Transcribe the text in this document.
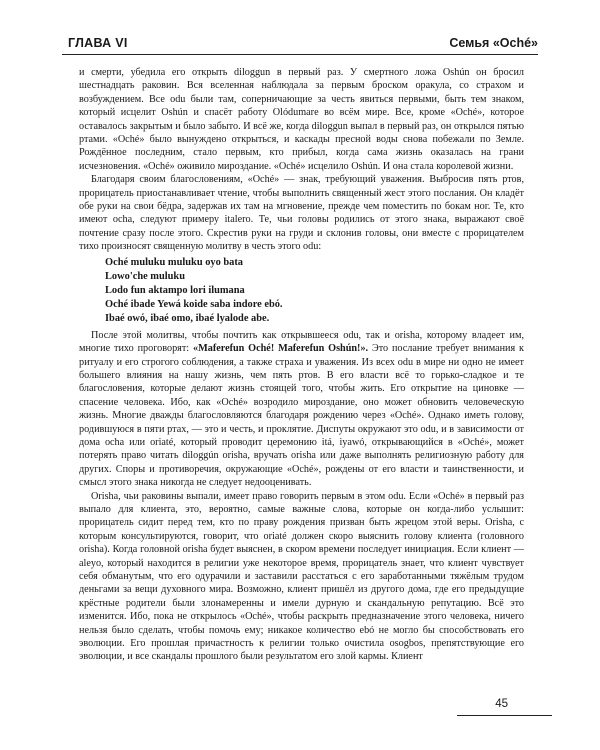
ГЛАВА VI	Семья «Oché»

и смерти, убедила его открыть diloggun в первый раз. У смертного ложа Oshún он бросил шестнадцать раковин. Вся вселенная наблюдала за первым броском оракула, со страхом и возбуждением. Все odu были там, соперничающие за честь явиться первыми, быть тем знаком, который исцелит Oshún и спасёт работу Olódumare во всём мире. Все, кроме «Oché», которое оставалось закрытым и было забыто. И всё же, когда diloggun выпал в первый раз, он открылся пятью ртами. «Oché» было вынуждено открыться, и каскады пресной воды снова побежали по Земле. Рождённое последним, стало первым, кто прибыл, когда сама жизнь оказалась на грани исчезновения. «Oché» оживило мироздание. «Oché» исцелило Oshún. И она стала королевой жизни.

Благодаря своим благословениям, «Oché» — знак, требующий уважения. Выбросив пять ртов, прорицатель приостанавливает чтение, чтобы выполнить священный жест этого послания. Он кладёт обе руки на свои бёдра, задержав их там на мгновение, прежде чем поместить по бокам ног. Те, кто имеют ocha, следуют примеру italero. Те, чьи головы родились от этого знака, выражают своё почтение сразу после этого. Скрестив руки на груди и склонив головы, они вместе с прорицателем тихо произносят священную молитву в честь этого odu:

Oché muluku muluku oyo bata
Lowo'che muluku
Lodo fun aktampo lori ilumana
Oché ibade Yewá koide saba indore ebó.
Ibaé owó, ibaé omo, ibaé lyalode abe.

После этой молитвы, чтобы почтить как открывшееся odu, так и orisha, которому владеет им, многие тихо проговорят: «Maferefun Oché! Maferefun Oshún!». Это послание требует внимания к ритуалу и его строгого соблюдения, а также страха и уважения. Из всех odu в мире ни одно не имеет большего влияния на нашу жизнь, чем пять ртов. В его власти всё то горько-сладкое и те благословения, которые делают жизнь стоящей того, чтобы жить. Его открытие на циновке — спасение человека. Ибо, как «Oché» возродило мироздание, оно может обновить человеческую жизнь. Многие дважды благословляются благодаря рождению через «Oché». Однако иметь голову, родившуюся в пяти ртах, — это и честь, и проклятие. Диспуты окружают это odu, и в зависимости от дома ocha или oriaté, который проводит церемонию itá, iyawó, открывающийся в «Oché», может потерять право читать diloggún orisha, вручать orisha или даже выполнять религиозную работу для других. Споры и противоречия, окружающие «Oché», рождены от его власти и таинственности, и смысл этого знака никогда не следует недооценивать.

Orisha, чьи раковины выпали, имеет право говорить первым в этом odu. Если «Oché» в первый раз выпало для клиента, это, вероятно, самые важные слова, которые он когда-либо услышит: прорицатель сидит перед тем, кто по праву рождения призван быть жрецом этой веры. Orisha, с которым консультируются, говорит, что oriaté должен скоро выяснить голову клиента (головного orisha). Когда головной orisha будет выяснен, в скором времени последует инициация. Если клиент — aleyo, который находится в религии уже некоторое время, прорицатель знает, что клиент чувствует себя обманутым, что его одурачили и заставили расстаться с его заработанными тяжёлым трудом деньгами за вещи духовного мира. Возможно, клиент пришёл из другого дома, где его предыдущие крёстные родители были злонамеренны и имели дурную и скандальную репутацию. Всё это изменится. Ибо, пока не открылось «Oché», чтобы раскрыть предназначение этого человека, ничего нельзя было сделать, чтобы помочь ему; никакое количество ebó не могло бы способствовать его эволюции. Его прошлая причастность к религии только очистила osogbos, препятствующие его эволюции, и все скандалы прошлого были результатом его злой кармы. Клиент

45
